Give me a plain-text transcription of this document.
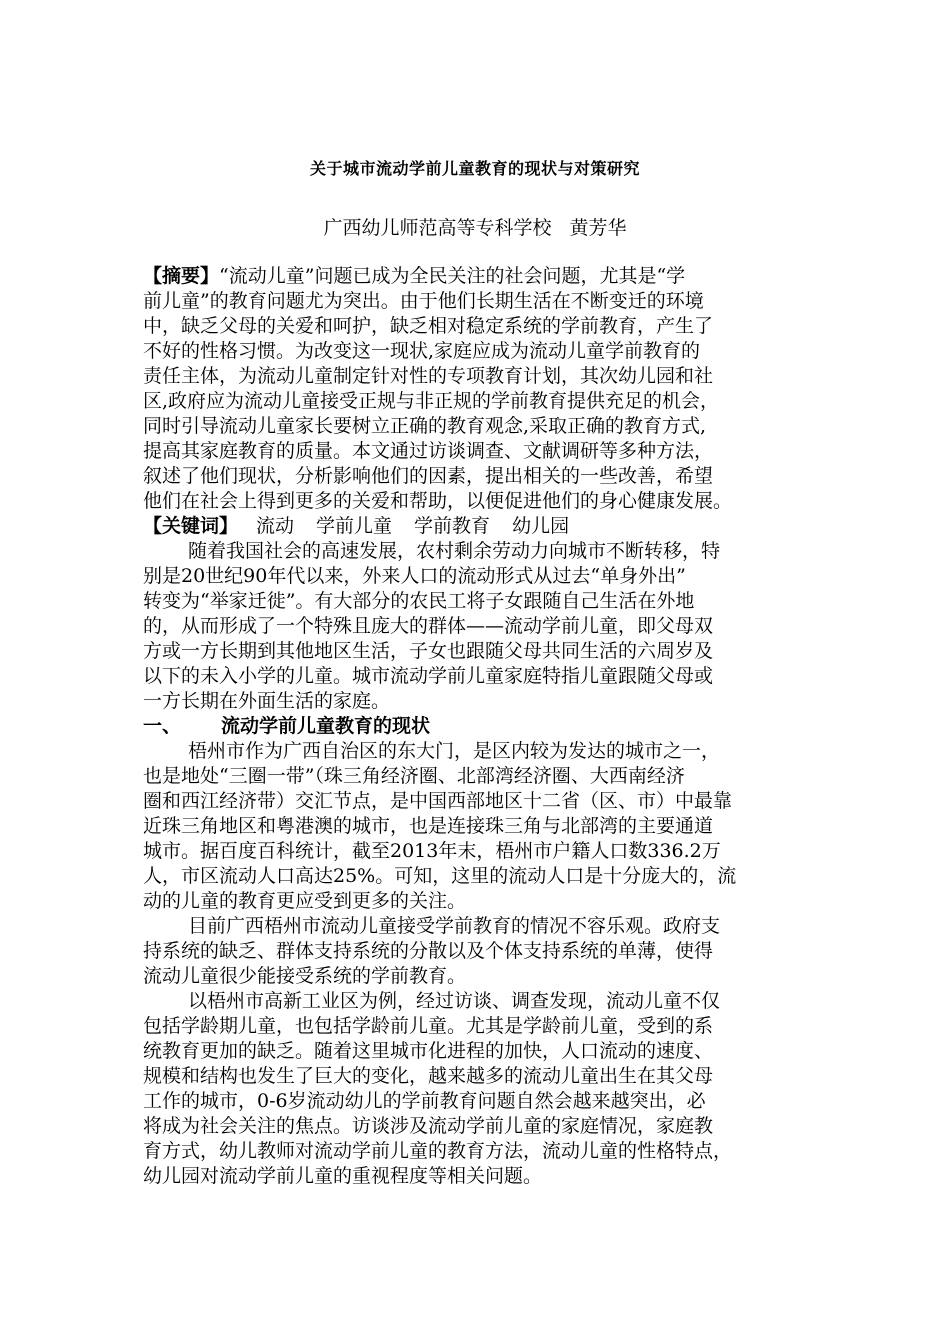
关于城市流动学前儿童教育的现状与对策研究
广西幼儿师范高等专科学校   黄芳华
【摘要】“流动儿童”问题已成为全民关注的社会问题，尤其是“学
前儿童”的教育问题尤为突出。由于他们长期生活在不断变迁的环境
中，缺乏父母的关爱和呵护，缺乏相对稳定系统的学前教育，产生了
不好的性格习惯。为改变这一现状,家庭应成为流动儿童学前教育的
责任主体，为流动儿童制定针对性的专项教育计划，其次幼儿园和社
区,政府应为流动儿童接受正规与非正规的学前教育提供充足的机会，
同时引导流动儿童家长要树立正确的教育观念,采取正确的教育方式,
提高其家庭教育的质量。本文通过访谈调查、文献调研等多种方法，
叙述了他们现状，分析影响他们的因素，提出相关的一些改善，希望
他们在社会上得到更多的关爱和帮助，以便促进他们的身心健康发展。
【关键词】 流动 学前儿童 学前教育 幼儿园
随着我国社会的高速发展，农村剩余劳动力向城市不断转移，特
别是20世纪90年代以来，外来人口的流动形式从过去“单身外出”
转变为“举家迁徙”。有大部分的农民工将子女跟随自己生活在外地
的，从而形成了一个特殊且庞大的群体——流动学前儿童，即父母双
方或一方长期到其他地区生活，子女也跟随父母共同生活的六周岁及
以下的未入小学的儿童。城市流动学前儿童家庭特指儿童跟随父母或
一方长期在外面生活的家庭。
一、 流动学前儿童教育的现状
梧州市作为广西自治区的东大门，是区内较为发达的城市之一，
也是地处“三圈一带”（珠三角经济圈、北部湾经济圈、大西南经济
圈和西江经济带）交汇节点，是中国西部地区十二省（区、市）中最靠
近珠三角地区和粤港澳的城市，也是连接珠三角与北部湾的主要通道
城市。据百度百科统计，截至2013年末，梧州市户籍人口数336.2万
人，市区流动人口高达25%。可知，这里的流动人口是十分庞大的，流
动的儿童的教育更应受到更多的关注。
目前广西梧州市流动儿童接受学前教育的情况不容乐观。政府支
持系统的缺乏、群体支持系统的分散以及个体支持系统的单薄，使得
流动儿童很少能接受系统的学前教育。
以梧州市高新工业区为例，经过访谈、调查发现，流动儿童不仅
包括学龄期儿童，也包括学龄前儿童。尤其是学龄前儿童，受到的系
统教育更加的缺乏。随着这里城市化进程的加快，人口流动的速度、
规模和结构也发生了巨大的变化，越来越多的流动儿童出生在其父母
工作的城市，0-6岁流动幼儿的学前教育问题自然会越来越突出，必
将成为社会关注的焦点。访谈涉及流动学前儿童的家庭情况，家庭教
育方式，幼儿教师对流动学前儿童的教育方法，流动儿童的性格特点，
幼儿园对流动学前儿童的重视程度等相关问题。
